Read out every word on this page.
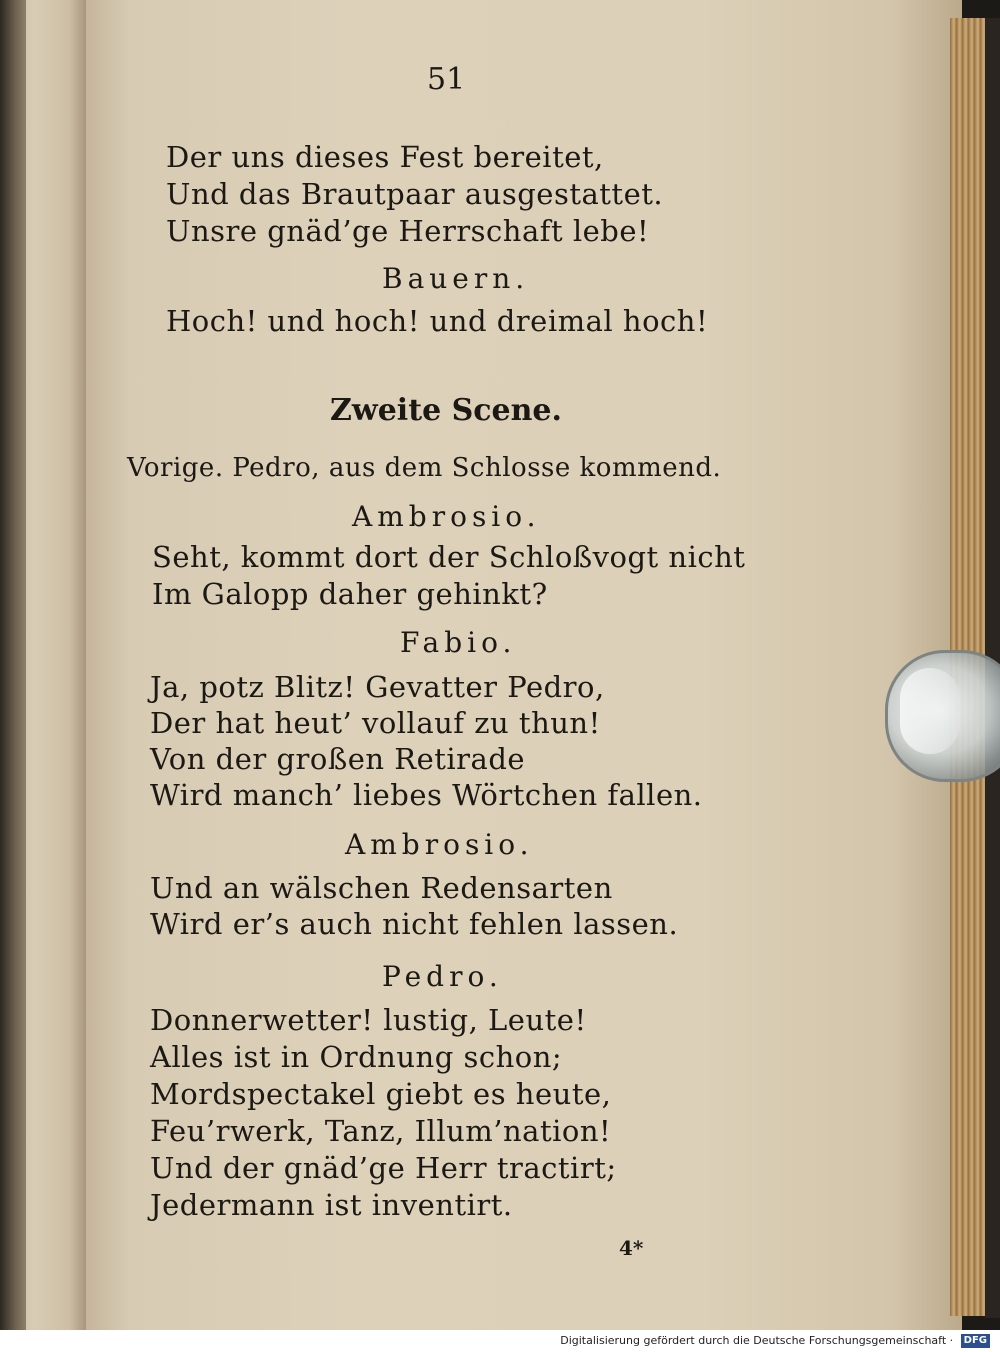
51
Der uns dieses Fest bereitet,
Und das Brautpaar ausgestattet.
Unsre gnäd’ge Herrschaft lebe!
Bauern.
Hoch! und hoch! und dreimal hoch!
Zweite Scene.
Vorige. Pedro, aus dem Schlosse kommend.
Ambrosio.
Seht, kommt dort der Schloßvogt nicht
Im Galopp daher gehinkt?
Fabio.
Ja, potz Blitz! Gevatter Pedro,
Der hat heut’ vollauf zu thun!
Von der großen Retirade
Wird manch’ liebes Wörtchen fallen.
Ambrosio.
Und an wälschen Redensarten
Wird er’s auch nicht fehlen lassen.
Pedro.
Donnerwetter! lustig, Leute!
Alles ist in Ordnung schon;
Mordspectakel giebt es heute,
Feu’rwerk, Tanz, Illum’nation!
Und der gnäd’ge Herr tractirt;
Jedermann ist inventirt.
4*
Digitalisierung gefördert durch die Deutsche Forschungsgemeinschaft · DFG
